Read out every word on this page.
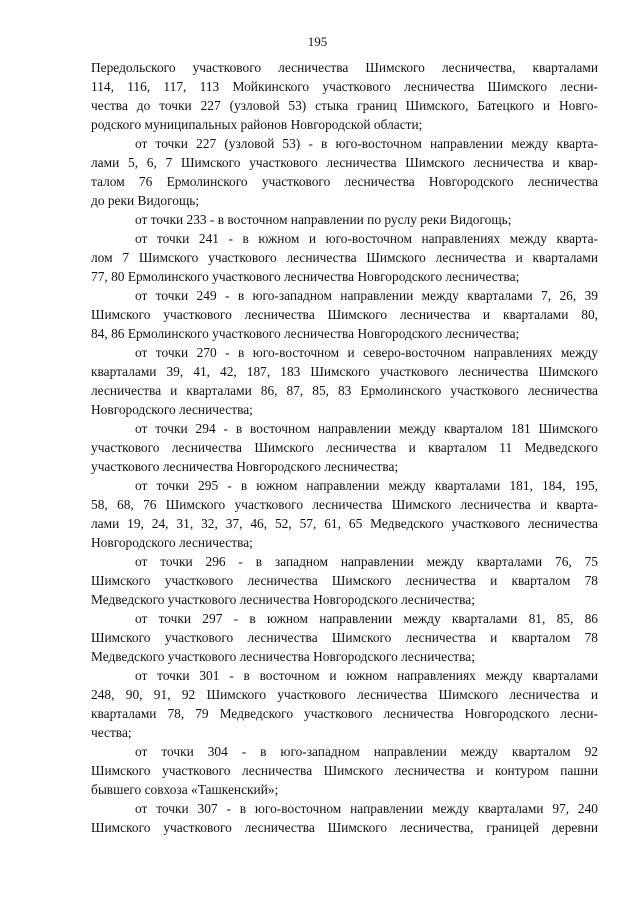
195
Передольского участкового лесничества Шимского лесничества, кварталами
114, 116, 117, 113 Мойкинского участкового лесничества Шимского лесни-
чества до точки 227 (узловой 53) стыка границ Шимского, Батецкого и Новго-
родского муниципальных районов Новгородской области;
от точки 227 (узловой 53) - в юго-восточном направлении между кварта-
лами 5, 6, 7 Шимского участкового лесничества Шимского лесничества и квар-
талом 76 Ермолинского участкового лесничества Новгородского лесничества
до реки Видогощь;
от точки 233 - в восточном направлении по руслу реки Видогощь;
от точки 241 - в южном и юго-восточном направлениях между кварта-
лом 7 Шимского участкового лесничества Шимского лесничества и кварталами
77, 80 Ермолинского участкового лесничества Новгородского лесничества;
от точки 249 - в юго-западном направлении между кварталами 7, 26, 39
Шимского участкового лесничества Шимского лесничества и кварталами 80,
84, 86 Ермолинского участкового лесничества Новгородского лесничества;
от точки 270 - в юго-восточном и северо-восточном направлениях между
кварталами 39, 41, 42, 187, 183 Шимского участкового лесничества Шимского
лесничества и кварталами 86, 87, 85, 83 Ермолинского участкового лесничества
Новгородского лесничества;
от точки 294 - в восточном направлении между кварталом 181 Шимского
участкового лесничества Шимского лесничества и кварталом 11 Медведского
участкового лесничества Новгородского лесничества;
от точки 295 - в южном направлении между кварталами 181, 184, 195,
58, 68, 76 Шимского участкового лесничества Шимского лесничества и кварта-
лами 19, 24, 31, 32, 37, 46, 52, 57, 61, 65 Медведского участкового лесничества
Новгородского лесничества;
от точки 296 - в западном направлении между кварталами 76, 75
Шимского участкового лесничества Шимского лесничества и кварталом 78
Медведского участкового лесничества Новгородского лесничества;
от точки 297 - в южном направлении между кварталами 81, 85, 86
Шимского участкового лесничества Шимского лесничества и кварталом 78
Медведского участкового лесничества Новгородского лесничества;
от точки 301 - в восточном и южном направлениях между кварталами
248, 90, 91, 92 Шимского участкового лесничества Шимского лесничества и
кварталами 78, 79 Медведского участкового лесничества Новгородского лесни-
чества;
от точки 304 - в юго-западном направлении между кварталом 92
Шимского участкового лесничества Шимского лесничества и контуром пашни
бывшего совхоза «Ташкенский»;
от точки 307 - в юго-восточном направлении между кварталами 97, 240
Шимского участкового лесничества Шимского лесничества, границей деревни
